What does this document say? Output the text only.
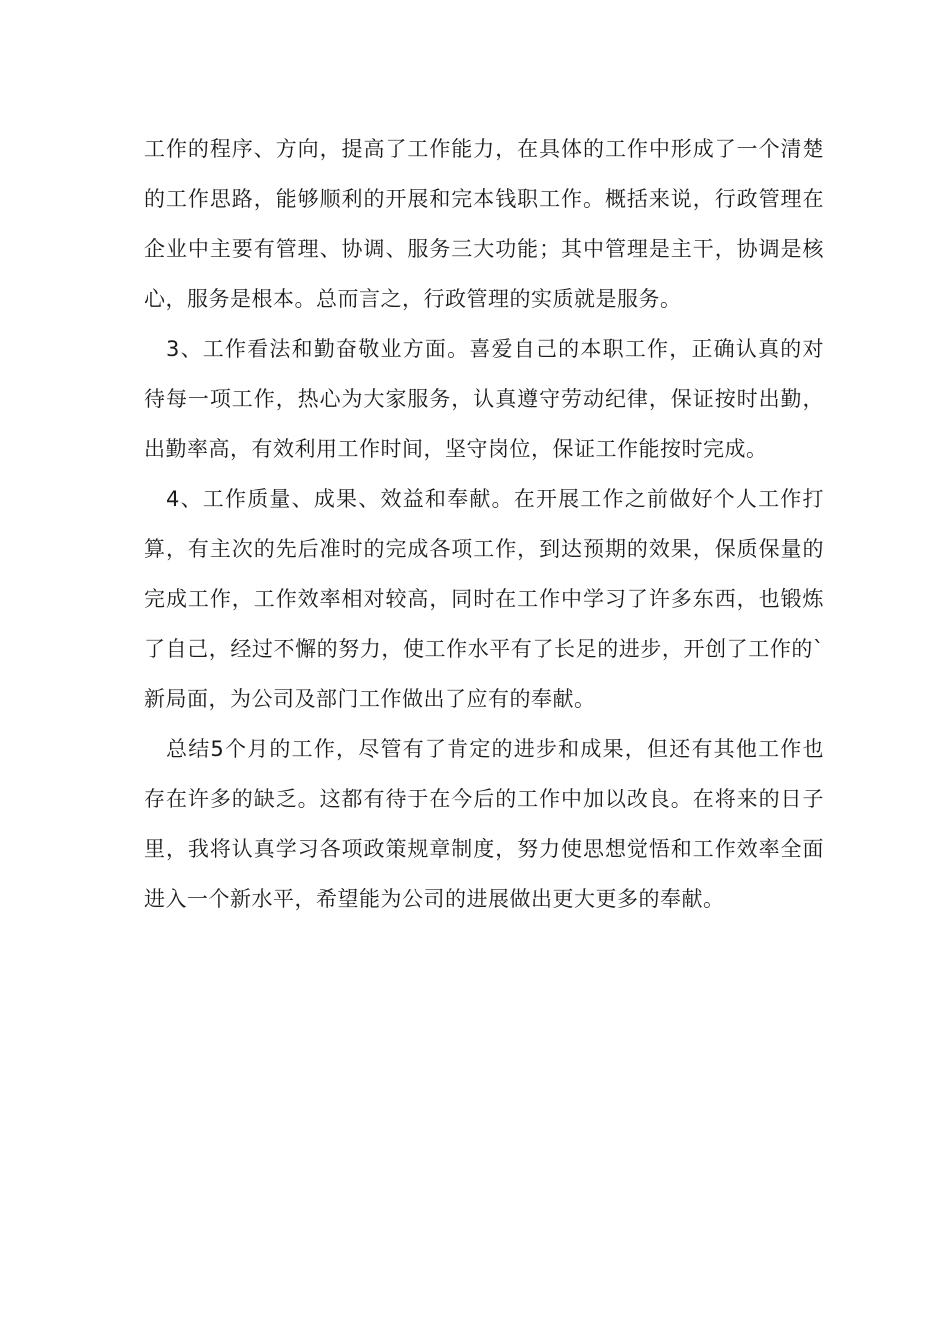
工作的程序、方向，提高了工作能力，在具体的工作中形成了一个清楚的工作思路，能够顺利的开展和完本钱职工作。概括来说，行政管理在企业中主要有管理、协调、服务三大功能；其中管理是主干，协调是核心，服务是根本。总而言之，行政管理的实质就是服务。

3、工作看法和勤奋敬业方面。喜爱自己的本职工作，正确认真的对待每一项工作，热心为大家服务，认真遵守劳动纪律，保证按时出勤，出勤率高，有效利用工作时间，坚守岗位，保证工作能按时完成。

4、工作质量、成果、效益和奉献。在开展工作之前做好个人工作打算，有主次的先后准时的完成各项工作，到达预期的效果，保质保量的完成工作，工作效率相对较高，同时在工作中学习了许多东西，也锻炼了自己，经过不懈的努力，使工作水平有了长足的进步，开创了工作的`新局面，为公司及部门工作做出了应有的奉献。

总结5个月的工作，尽管有了肯定的进步和成果，但还有其他工作也存在许多的缺乏。这都有待于在今后的工作中加以改良。在将来的日子里，我将认真学习各项政策规章制度，努力使思想觉悟和工作效率全面进入一个新水平，希望能为公司的进展做出更大更多的奉献。
